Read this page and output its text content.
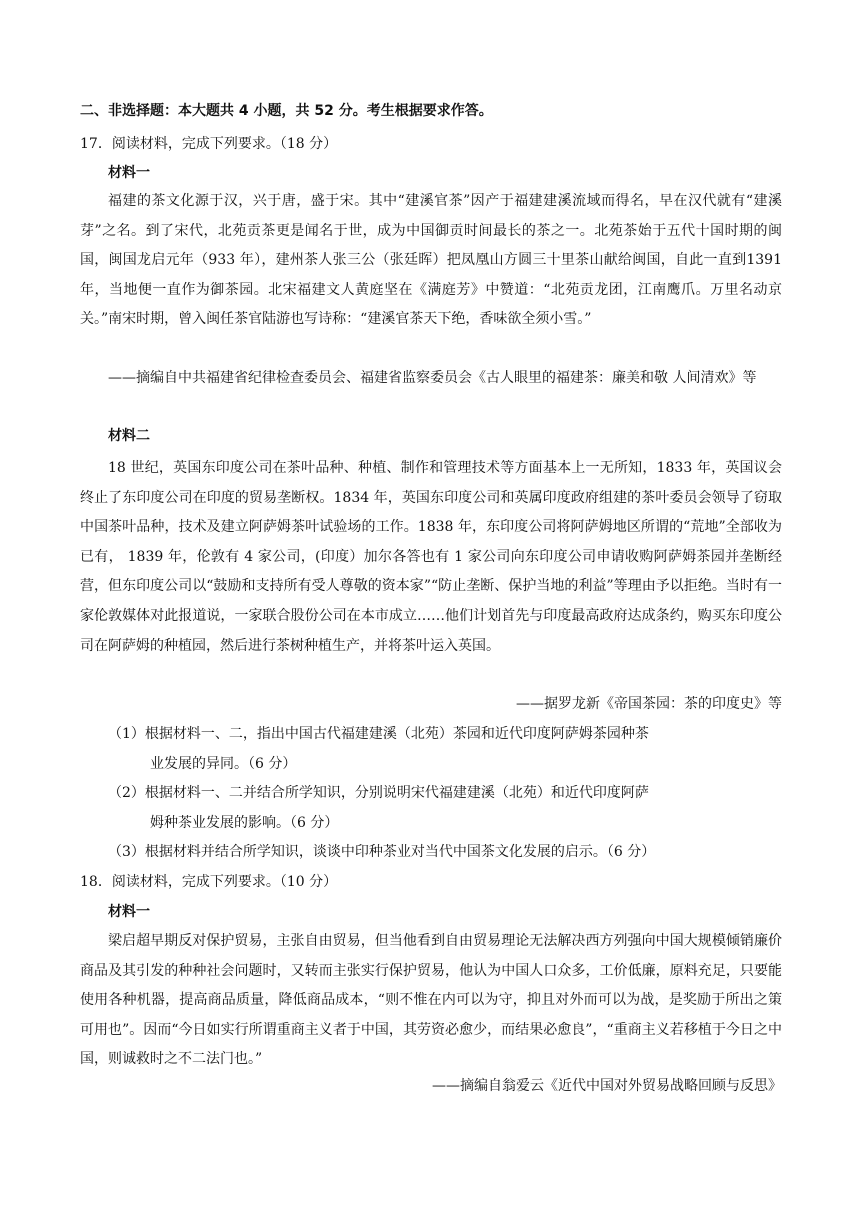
二、非选择题：本大题共 4 小题，共 52 分。考生根据要求作答。
17．阅读材料，完成下列要求。（18 分）
材料一

福建的茶文化源于汉，兴于唐，盛于宋。其中“建溪官茶”因产于福建建溪流域而得名，早在汉代就有“建溪芽”之名。到了宋代，北苑贡茶更是闻名于世，成为中国御贡时间最长的茶之一。北苑茶始于五代十国时期的闽国，闽国龙启元年（933 年），建州茶人张三公（张廷晖）把凤凰山方圆三十里茶山献给闽国，自此一直到1391 年，当地便一直作为御茶园。北宋福建文人黄庭坚在《满庭芳》中赞道：“北苑贡龙团，江南鹰爪。万里名动京关。”南宋时期，曾入闽任茶官陆游也写诗称：“建溪官茶天下绝，香味欲全须小雪。”

——摘编自中共福建省纪律检查委员会、福建省监察委员会《古人眼里的福建茶：廉美和敬 人间清欢》等

材料二

18 世纪，英国东印度公司在茶叶品种、种植、制作和管理技术等方面基本上一无所知，1833 年，英国议会终止了东印度公司在印度的贸易垄断权。1834 年，英国东印度公司和英属印度政府组建的茶叶委员会领导了窃取中国茶叶品种，技术及建立阿萨姆茶叶试验场的工作。1838 年，东印度公司将阿萨姆地区所谓的“荒地”全部收为已有， 1839 年，伦敦有 4 家公司，(印度）加尔各答也有 1 家公司向东印度公司申请收购阿萨姆茶园并垄断经营，但东印度公司以“鼓励和支持所有受人尊敬的资本家”“防止垄断、保护当地的利益”等理由予以拒绝。当时有一家伦敦媒体对此报道说，一家联合股份公司在本市成立……他们计划首先与印度最高政府达成条约，购买东印度公司在阿萨姆的种植园，然后进行茶树种植生产，并将茶叶运入英国。

——据罗龙新《帝国茶园：茶的印度史》等
（1）根据材料一、二，指出中国古代福建建溪（北苑）茶园和近代印度阿萨姆茶园种茶
业发展的异同。（6 分）
（2）根据材料一、二并结合所学知识，分别说明宋代福建建溪（北苑）和近代印度阿萨
姆种茶业发展的影响。（6 分）
（3）根据材料并结合所学知识，谈谈中印种茶业对当代中国茶文化发展的启示。（6 分）
18．阅读材料，完成下列要求。（10 分）
材料一

梁启超早期反对保护贸易，主张自由贸易，但当他看到自由贸易理论无法解决西方列强向中国大规模倾销廉价商品及其引发的种种社会问题时，又转而主张实行保护贸易，他认为中国人口众多，工价低廉，原料充足，只要能使用各种机器，提高商品质量，降低商品成本，“则不惟在内可以为守，抑且对外而可以为战，是奖励于所出之策可用也”。因而“今日如实行所谓重商主义者于中国，其劳资必愈少，而结果必愈良”，“重商主义若移植于今日之中国，则诚救时之不二法门也。”

——摘编自翁爱云《近代中国对外贸易战略回顾与反思》
